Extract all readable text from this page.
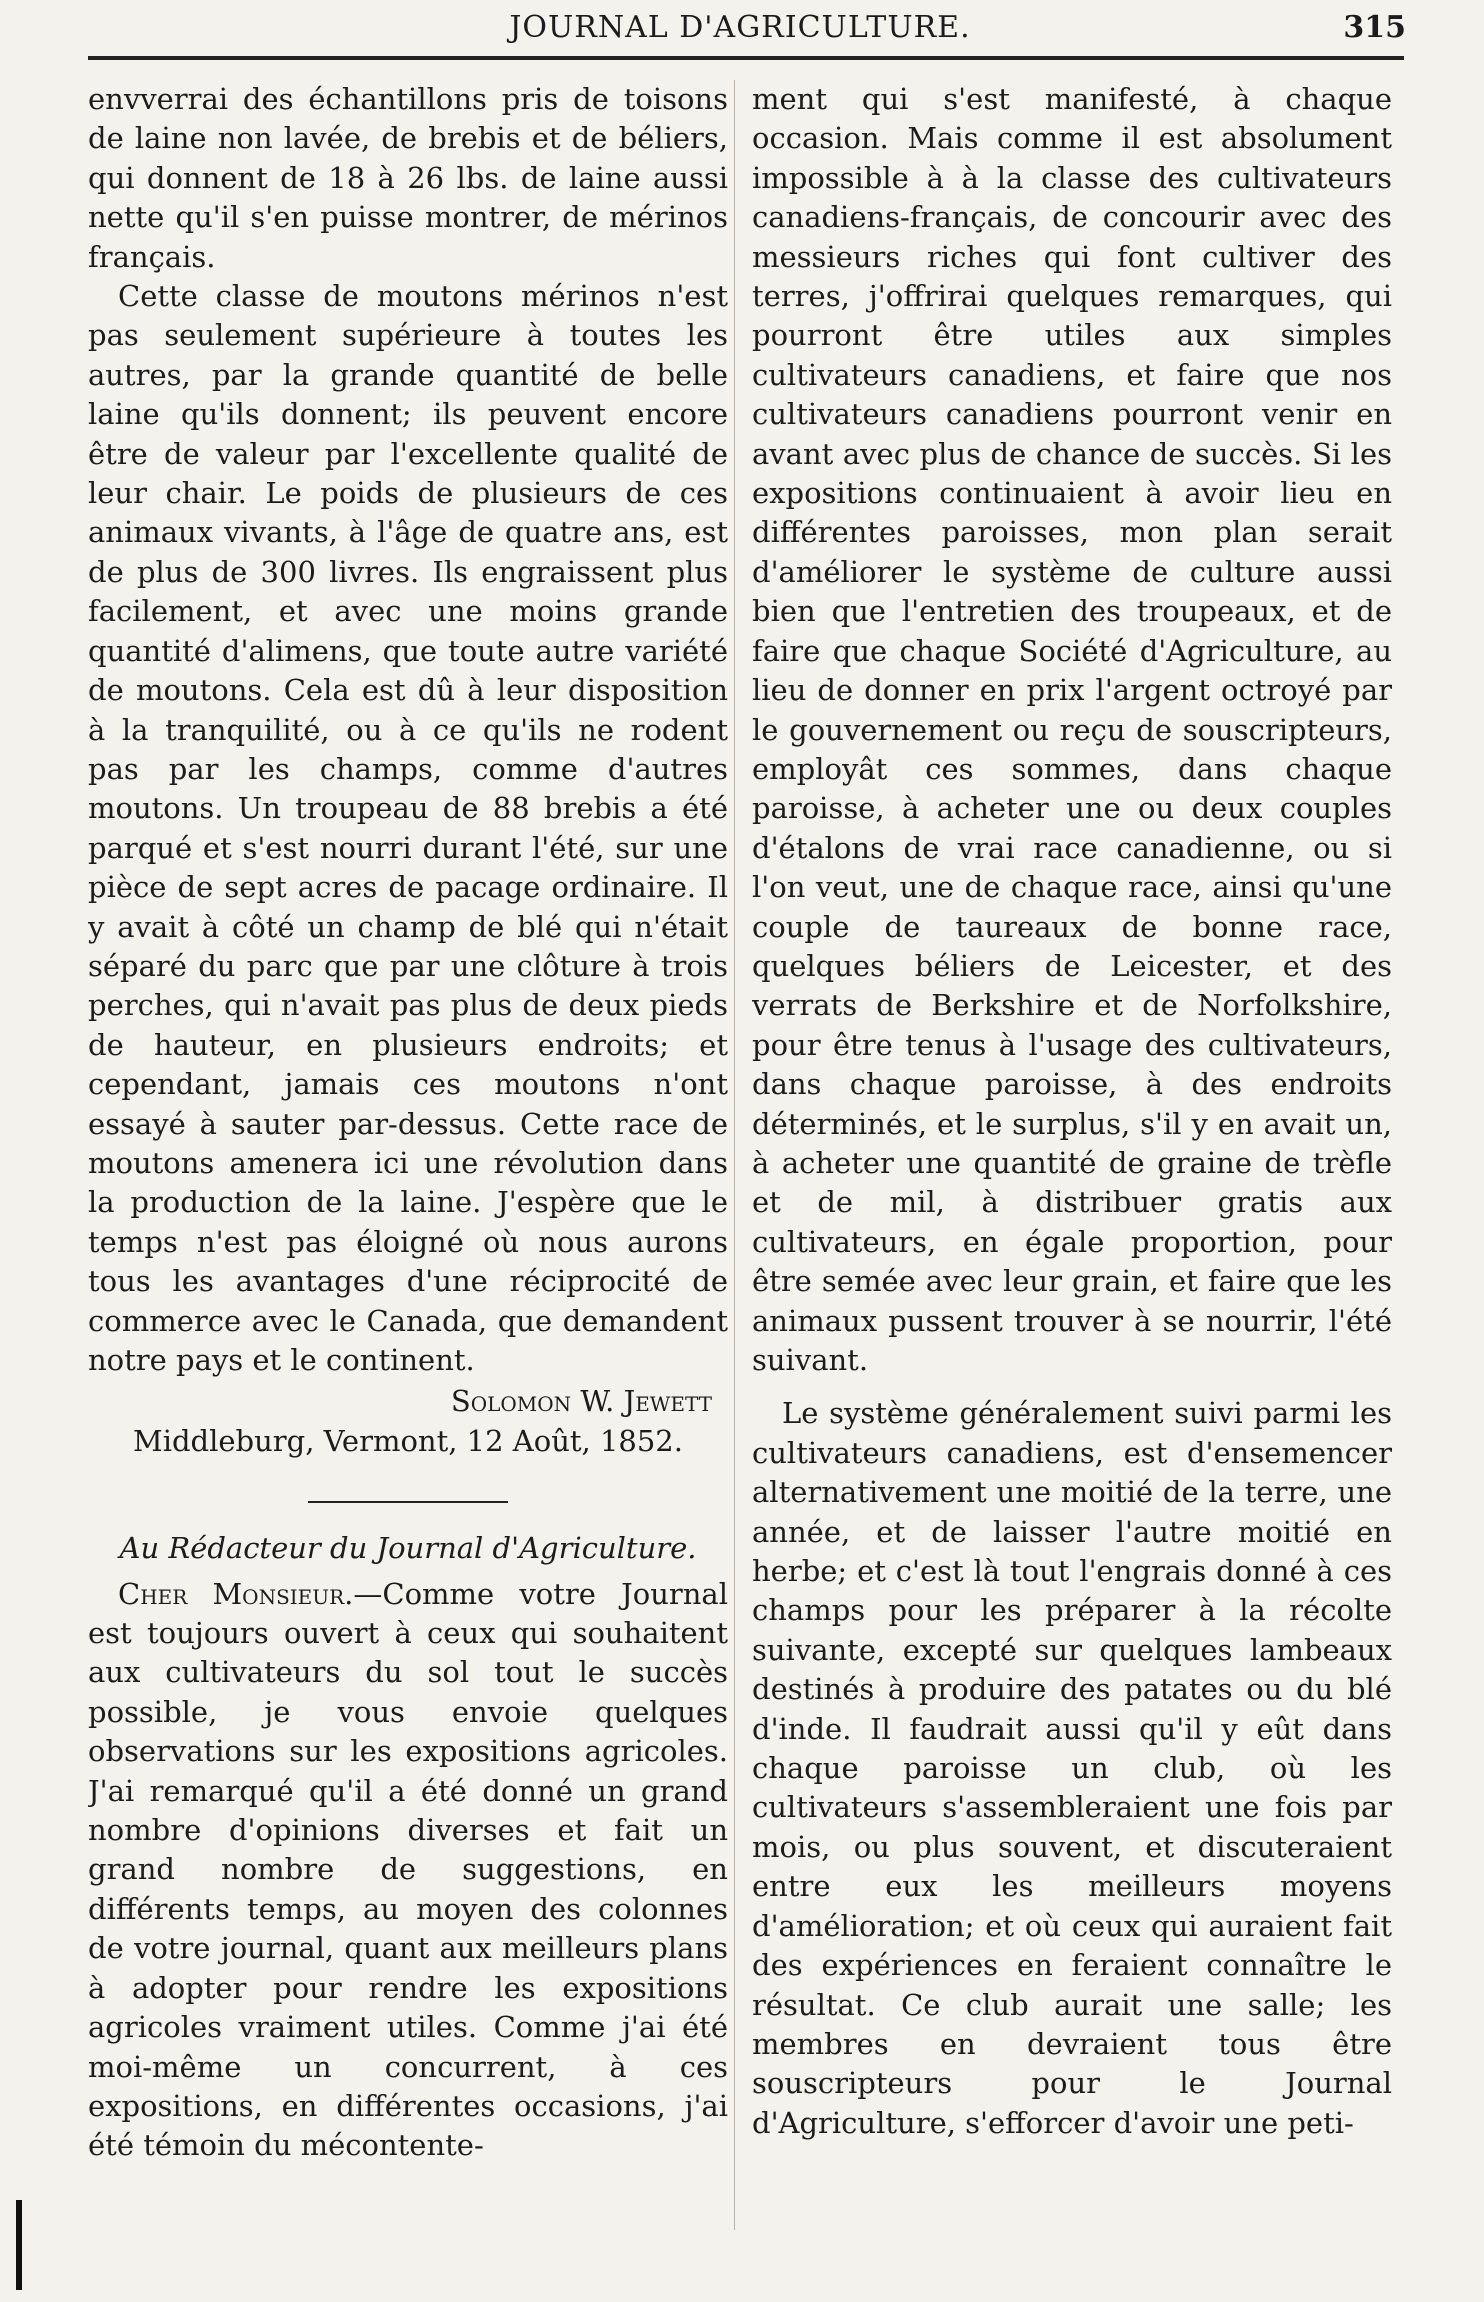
JOURNAL D'AGRICULTURE.	315

envverrai des échantillons pris de toisons de laine non lavée, de brebis et de béliers, qui donnent de 18 à 26 lbs. de laine aussi nette qu'il s'en puisse montrer, de mérinos français.

Cette classe de moutons mérinos n'est pas seulement supérieure à toutes les autres, par la grande quantité de belle laine qu'ils donnent; ils peuvent encore être de valeur par l'excellente qualité de leur chair. Le poids de plusieurs de ces animaux vivants, à l'âge de quatre ans, est de plus de 300 livres. Ils engraissent plus facilement, et avec une moins grande quantité d'alimens, que toute autre variété de moutons. Cela est dû à leur disposition à la tranquilité, ou à ce qu'ils ne rodent pas par les champs, comme d'autres moutons. Un troupeau de 88 brebis a été parqué et s'est nourri durant l'été, sur une pièce de sept acres de pacage ordinaire. Il y avait à côté un champ de blé qui n'était séparé du parc que par une clôture à trois perches, qui n'avait pas plus de deux pieds de hauteur, en plusieurs endroits; et cependant, jamais ces moutons n'ont essayé à sauter par-dessus. Cette race de moutons amenera ici une révolution dans la production de la laine. J'espère que le temps n'est pas éloigné où nous aurons tous les avantages d'une réciprocité de commerce avec le Canada, que demandent notre pays et le continent.

Solomon W. Jewett

Middleburg, Vermont, 12 Août, 1852.

Au Rédacteur du Journal d'Agriculture.

Cher Monsieur.—Comme votre Journal est toujours ouvert à ceux qui souhaitent aux cultivateurs du sol tout le succès possible, je vous envoie quelques observations sur les expositions agricoles. J'ai remarqué qu'il a été donné un grand nombre d'opinions diverses et fait un grand nombre de suggestions, en différents temps, au moyen des colonnes de votre journal, quant aux meilleurs plans à adopter pour rendre les expositions agricoles vraiment utiles. Comme j'ai été moi-même un concurrent, à ces expositions, en différentes occasions, j'ai été témoin du mécontente-

ment qui s'est manifesté, à chaque occasion. Mais comme il est absolument impossible à à la classe des cultivateurs canadiens-français, de concourir avec des messieurs riches qui font cultiver des terres, j'offrirai quelques remarques, qui pourront être utiles aux simples cultivateurs canadiens, et faire que nos cultivateurs canadiens pourront venir en avant avec plus de chance de succès. Si les expositions continuaient à avoir lieu en différentes paroisses, mon plan serait d'améliorer le système de culture aussi bien que l'entretien des troupeaux, et de faire que chaque Société d'Agriculture, au lieu de donner en prix l'argent octroyé par le gouvernement ou reçu de souscripteurs, employât ces sommes, dans chaque paroisse, à acheter une ou deux couples d'étalons de vrai race canadienne, ou si l'on veut, une de chaque race, ainsi qu'une couple de taureaux de bonne race, quelques béliers de Leicester, et des verrats de Berkshire et de Norfolkshire, pour être tenus à l'usage des cultivateurs, dans chaque paroisse, à des endroits déterminés, et le surplus, s'il y en avait un, à acheter une quantité de graine de trèfle et de mil, à distribuer gratis aux cultivateurs, en égale proportion, pour être semée avec leur grain, et faire que les animaux pussent trouver à se nourrir, l'été suivant.

Le système généralement suivi parmi les cultivateurs canadiens, est d'ensemencer alternativement une moitié de la terre, une année, et de laisser l'autre moitié en herbe; et c'est là tout l'engrais donné à ces champs pour les préparer à la récolte suivante, excepté sur quelques lambeaux destinés à produire des patates ou du blé d'inde. Il faudrait aussi qu'il y eût dans chaque paroisse un club, où les cultivateurs s'assembleraient une fois par mois, ou plus souvent, et discuteraient entre eux les meilleurs moyens d'amélioration; et où ceux qui auraient fait des expériences en feraient connaître le résultat. Ce club aurait une salle; les membres en devraient tous être souscripteurs pour le Journal d'Agriculture, s'efforcer d'avoir une peti-
